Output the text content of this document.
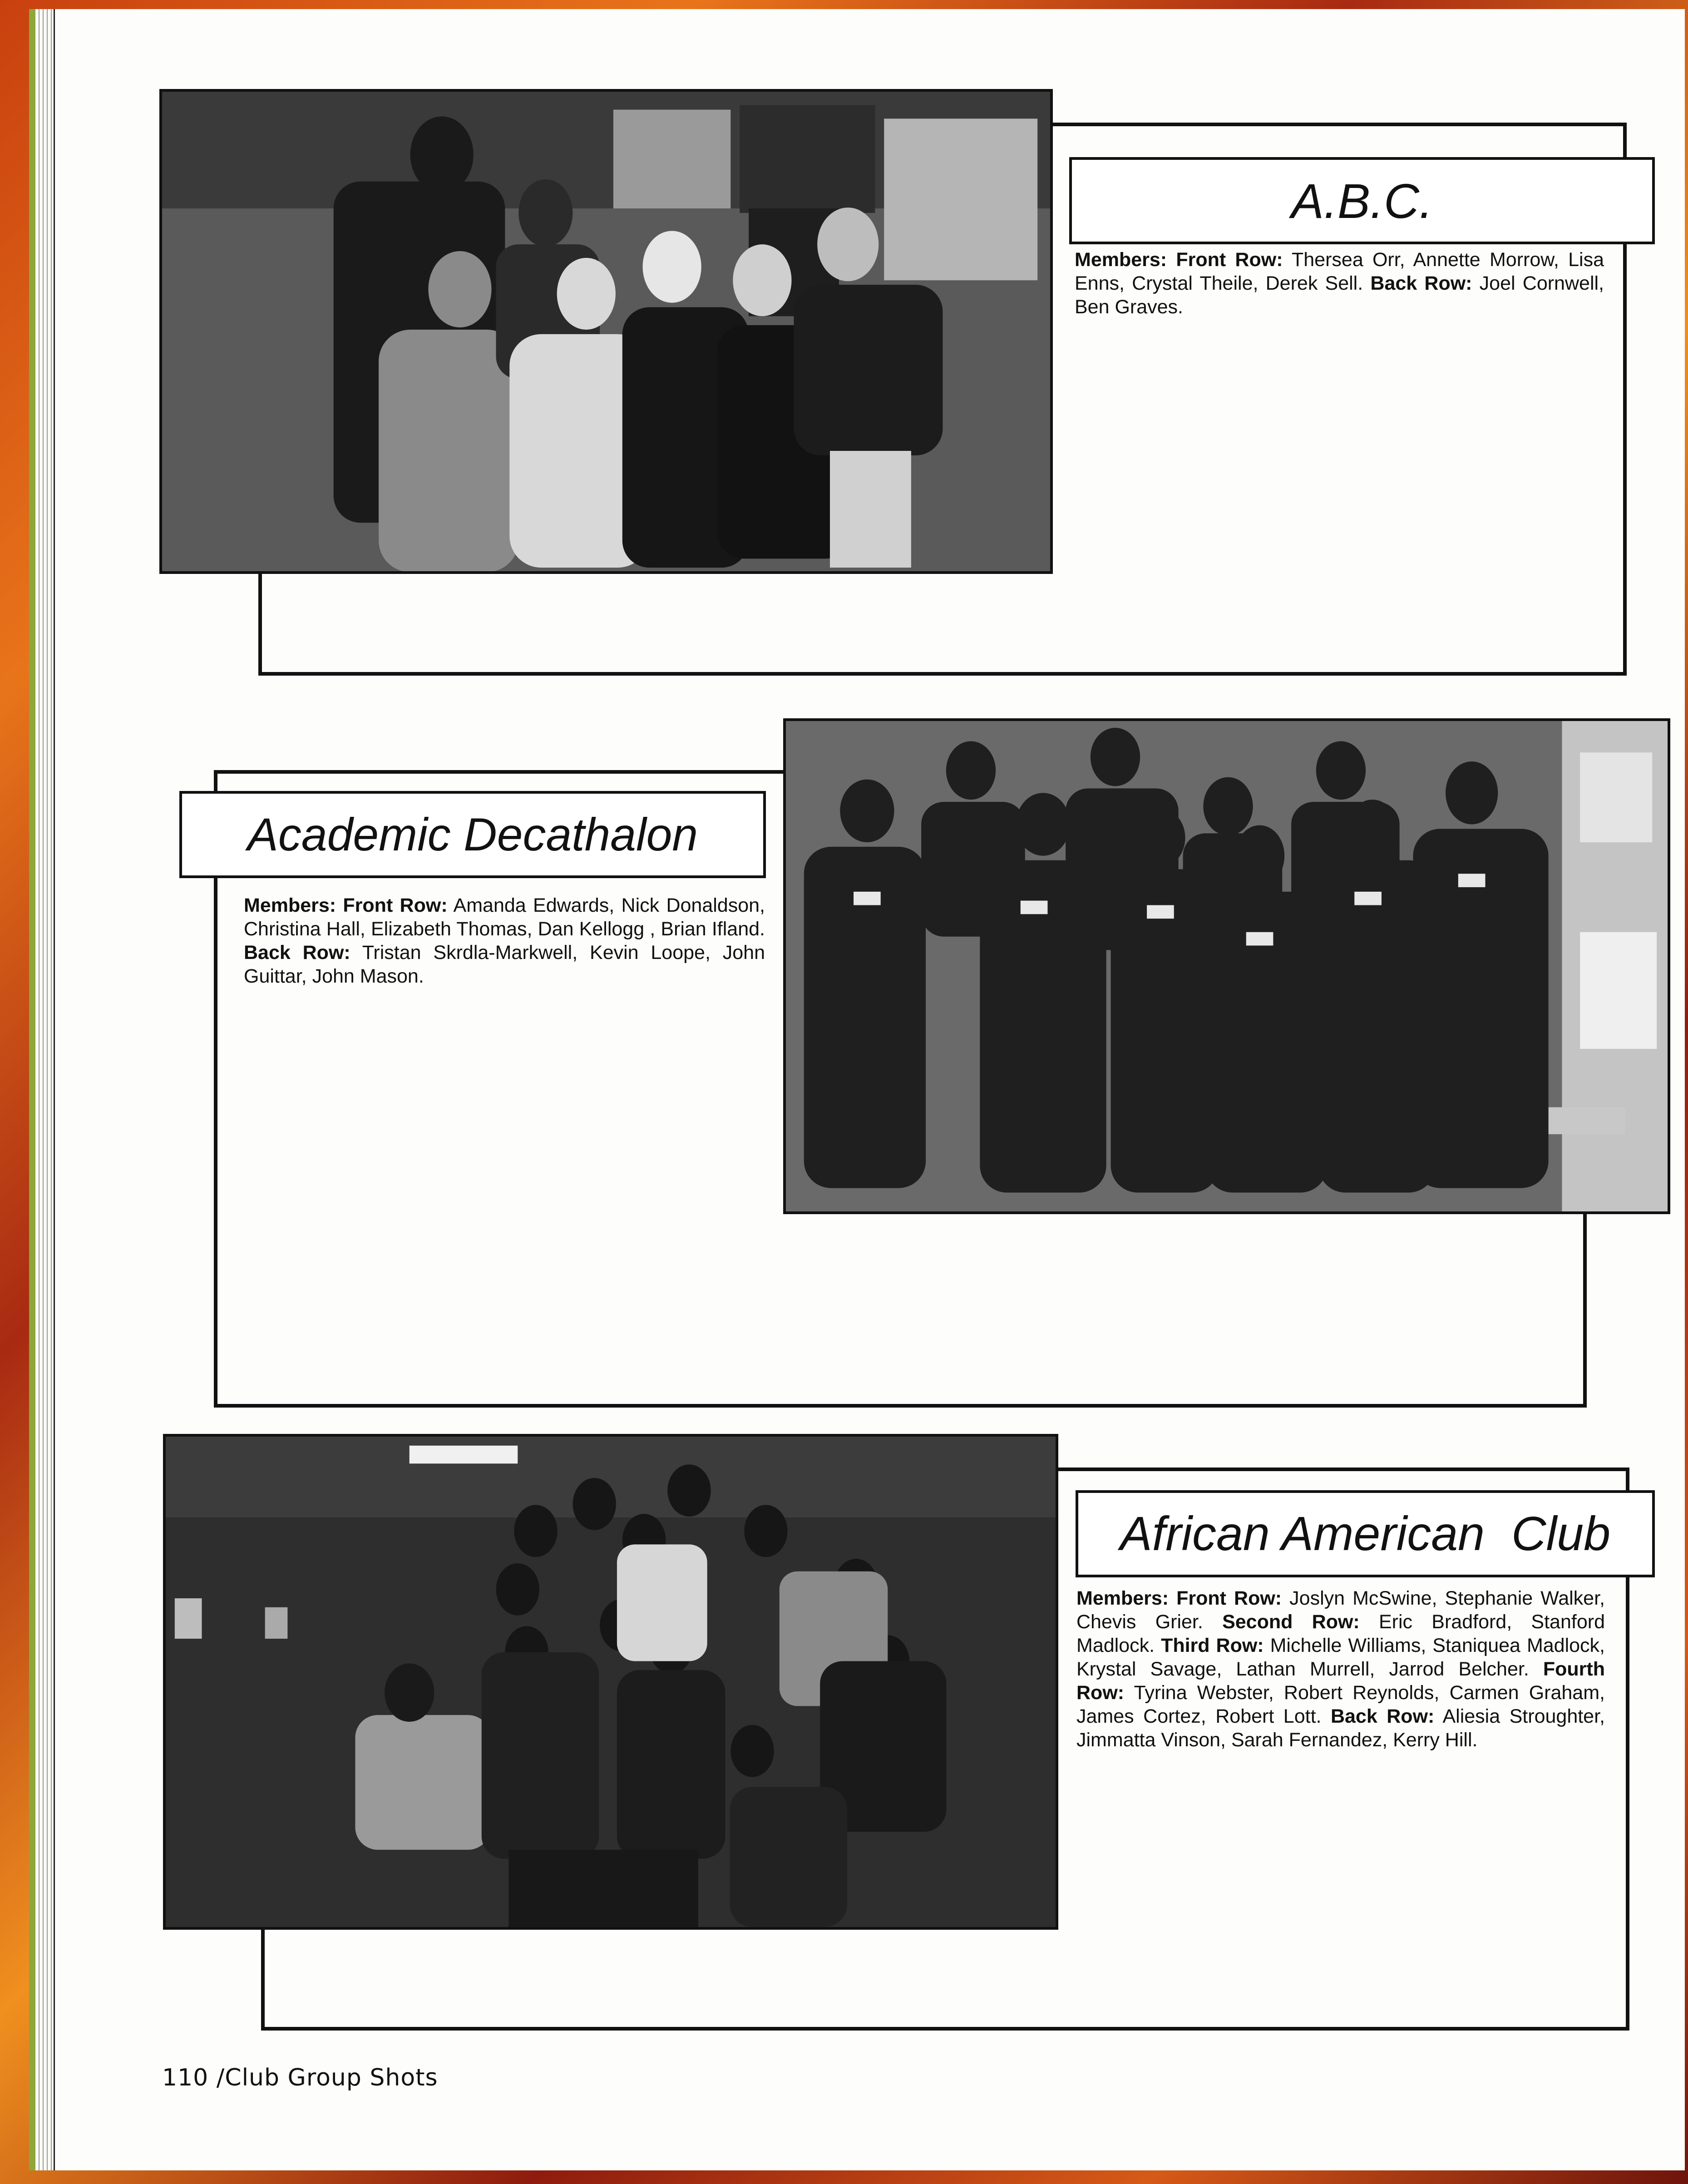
A.B.C.
Members: Front Row: Thersea Orr, Annette Morrow, Lisa Enns, Crystal Theile, Derek Sell. Back Row: Joel Cornwell, Ben Graves.
Academic Decathalon
Members: Front Row: Amanda Edwards, Nick Donaldson, Christina Hall, Elizabeth Thomas, Dan Kellogg , Brian Ifland. Back Row: Tristan Skrdla-Markwell, Kevin Loope, John Guittar, John Mason.
African American  Club
Members: Front Row: Joslyn McSwine, Stephanie Walker, Chevis Grier. Second Row: Eric Bradford, Stanford Madlock. Third Row: Michelle Williams, Staniquea Madlock, Krystal Savage, Lathan Murrell, Jarrod Belcher. Fourth Row: Tyrina Webster, Robert Reynolds, Carmen Graham, James Cortez, Robert Lott. Back Row: Aliesia Stroughter, Jimmatta Vinson, Sarah Fernandez, Kerry Hill.
110 /Club Group Shots
